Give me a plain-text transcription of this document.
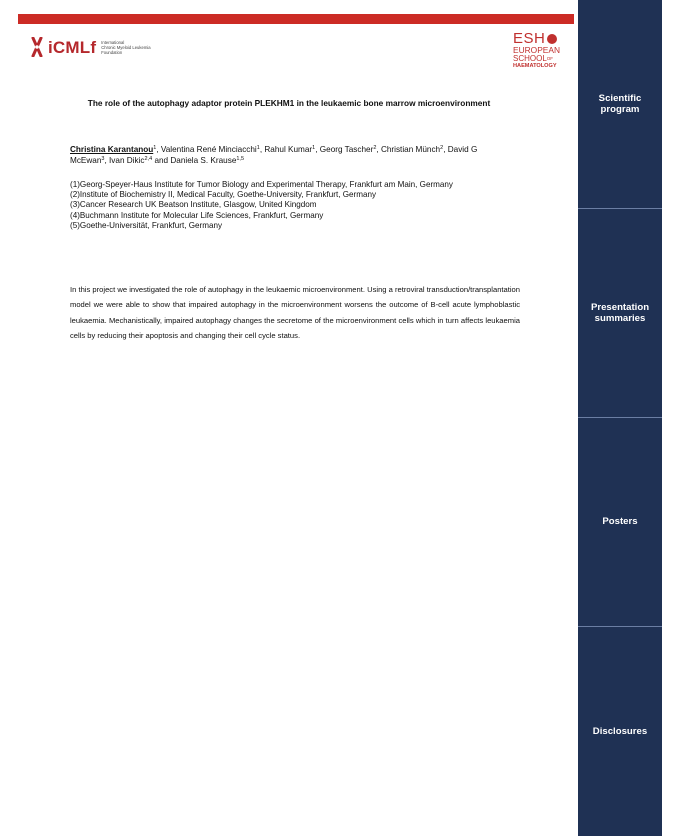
iCMLf International
Chronic Myeloid Leukemia
Foundation
ESH
EUROPEAN
$SCHOOL^{OF}$
HAEMATOLOGY
The role of the autophagy adaptor protein PLEKHM1 in the leukaemic bone marrow microenvironment
Christina Karantanou$^1$, Valentina René Minciacchi$^1$, Rahul Kumar$^1$, Georg Tascher$^2$, Christian Münch$^2$, David G
McEwan$^3$, Ivan Dikic$^{2,4}$ and Daniela S. Krause$^{1,5}$
(1)Georg-Speyer-Haus Institute for Tumor Biology and Experimental Therapy, Frankfurt am Main, Germany
(2)Institute of Biochemistry II, Medical Faculty, Goethe-University, Frankfurt, Germany
(3)Cancer Research UK Beatson Institute, Glasgow, United Kingdom
(4)Buchmann Institute for Molecular Life Sciences, Frankfurt, Germany
(5)Goethe-Universität, Frankfurt, Germany
In this project we investigated the role of autophagy in the leukaemic microenvironment. Using a retroviral transduction/transplantation model we were able to show that impaired autophagy in the microenvironment worsens the outcome of B-cell acute lymphoblastic leukaemia. Mechanistically, impaired autophagy changes the secretome of the microenvironment cells which in turn affects leukaemia cells by reducing their apoptosis and changing their cell cycle status.
Scientific program
Presentation summaries
Posters
Disclosures
